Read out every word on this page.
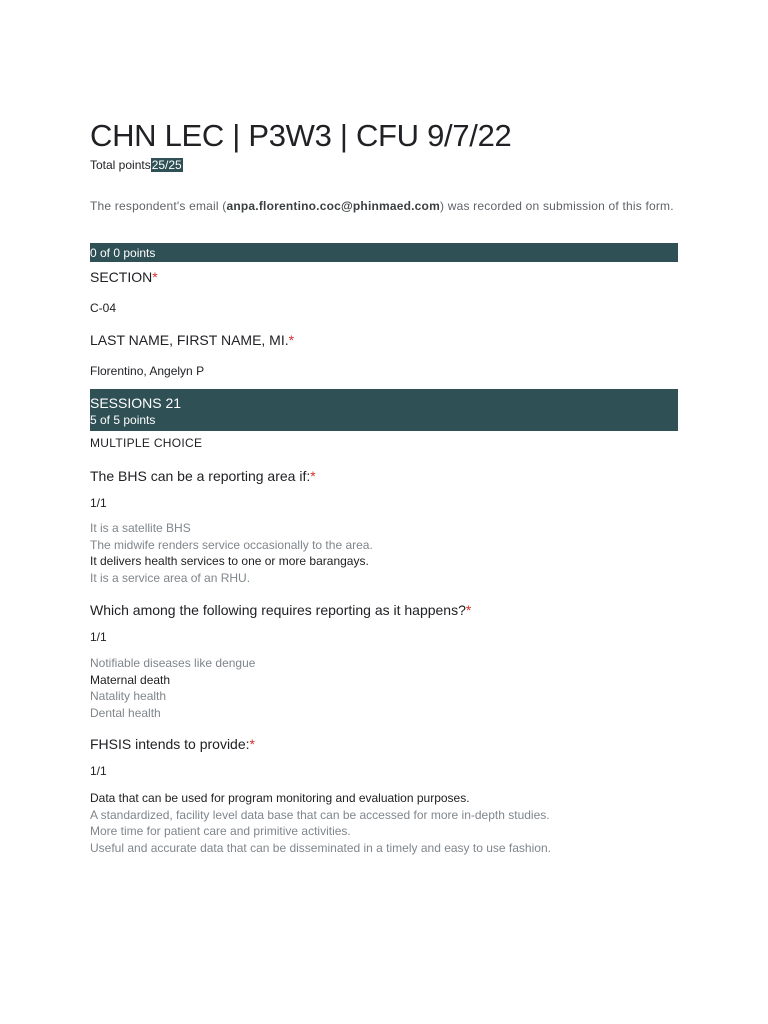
CHN LEC | P3W3 | CFU 9/7/22
Total points25/25
The respondent's email (anpa.florentino.coc@phinmaed.com) was recorded on submission of this form.
0 of 0 points
SECTION*
C-04
LAST NAME, FIRST NAME, MI.*
Florentino, Angelyn P
SESSIONS 21
5 of 5 points
MULTIPLE CHOICE
The BHS can be a reporting area if:*
1/1
It is a satellite BHS
The midwife renders service occasionally to the area.
It delivers health services to one or more barangays.
It is a service area of an RHU.
Which among the following requires reporting as it happens?*
1/1
Notifiable diseases like dengue
Maternal death
Natality health
Dental health
FHSIS intends to provide:*
1/1
Data that can be used for program monitoring and evaluation purposes.
A standardized, facility level data base that can be accessed for more in-depth studies.
More time for patient care and primitive activities.
Useful and accurate data that can be disseminated in a timely and easy to use fashion.
